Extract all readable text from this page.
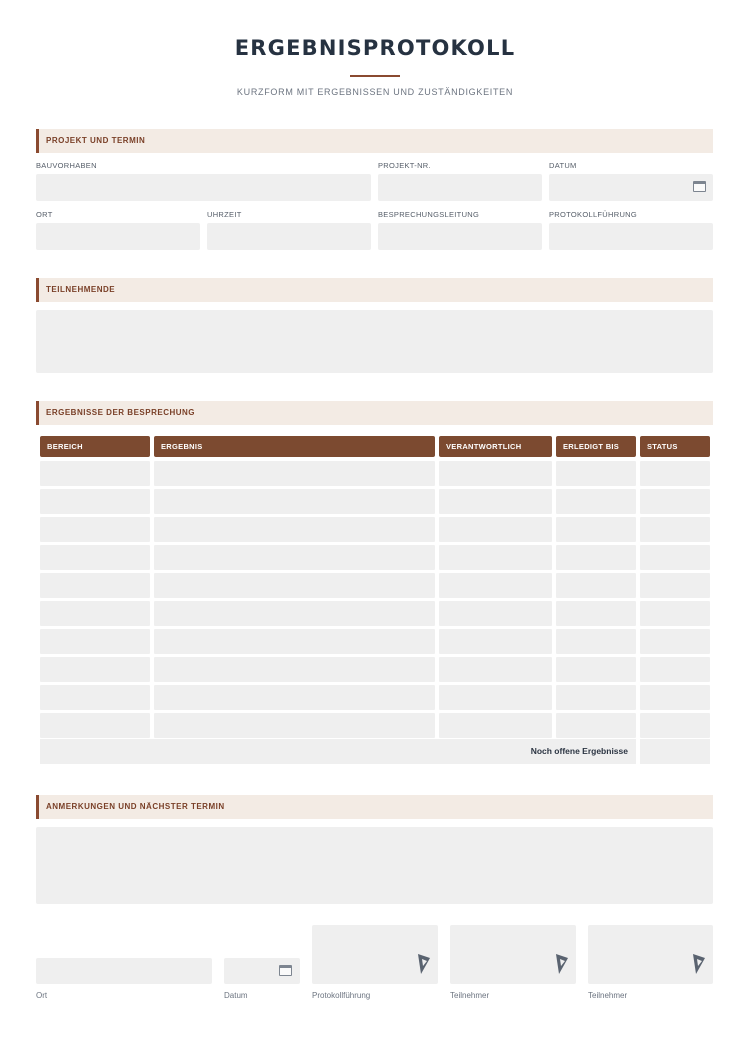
ERGEBNISPROTOKOLL
KURZFORM MIT ERGEBNISSEN UND ZUSTÄNDIGKEITEN
PROJEKT UND TERMIN
BAUVORHABEN	PROJEKT-NR.	DATUM
ORT	UHRZEIT	BESPRECHUNGSLEITUNG	PROTOKOLLFÜHRUNG
TEILNEHMENDE
ERGEBNISSE DER BESPRECHUNG
BEREICH	ERGEBNIS	VERANTWORTLICH	ERLEDIGT BIS	STATUS
Noch offene Ergebnisse
ANMERKUNGEN UND NÄCHSTER TERMIN
Ort	Datum	Protokollführung	Teilnehmer	Teilnehmer
